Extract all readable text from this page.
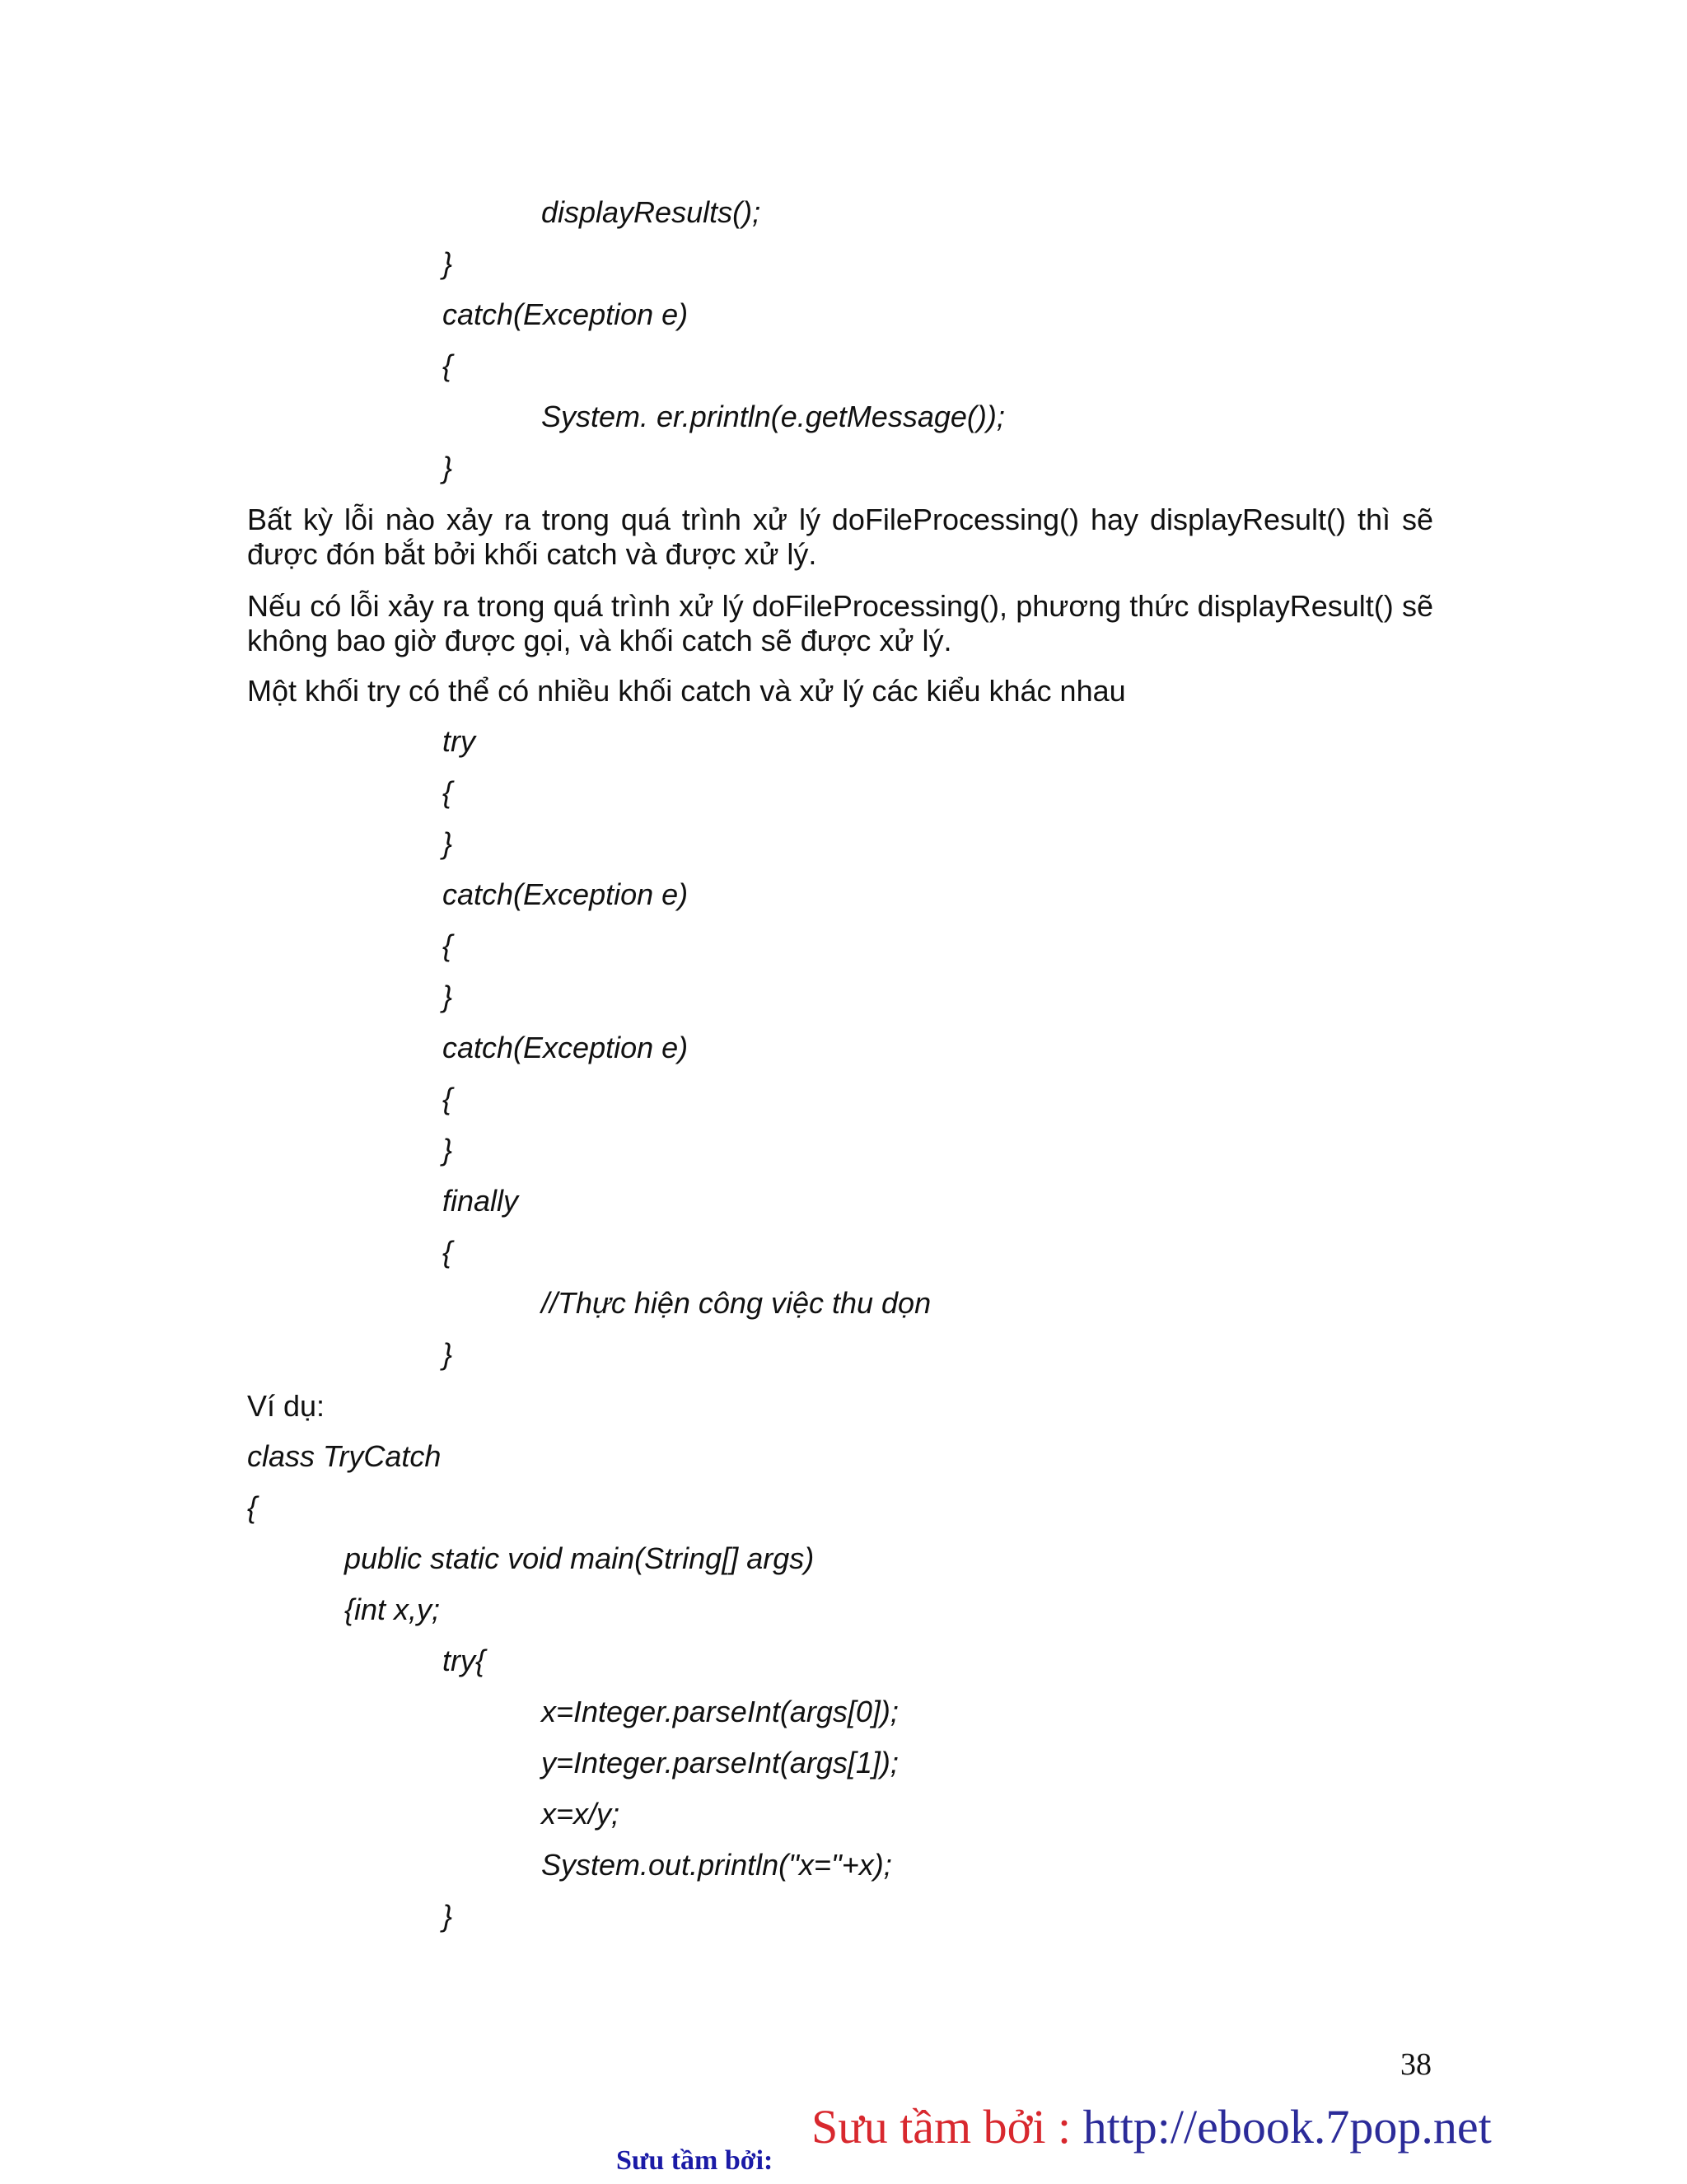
displayResults();

}

catch(Exception e)

{

System. er.println(e.getMessage());

}

Bất kỳ lỗi nào xảy ra trong quá trình xử lý doFileProcessing() hay displayResult() thì sẽ được đón bắt bởi khối catch và được xử lý.

Nếu có lỗi xảy ra trong quá trình xử lý doFileProcessing(), phương thức displayResult() sẽ không bao giờ được gọi, và khối catch sẽ được xử lý.

Một khối try có thể có nhiều khối catch và xử lý các kiểu khác nhau

try

{

}

catch(Exception e)

{

}

catch(Exception e)

{

}

finally

{

//Thực hiện công việc thu dọn

}

Ví dụ:

class TryCatch

{

public static void main(String[] args)

{int x,y;

try{

x=Integer.parseInt(args[0]);

y=Integer.parseInt(args[1]);

x=x/y;

System.out.println("x="+x);

}

38
Sưu tầm bởi : http://ebook.7pop.net
Sưu tầm bởi:
